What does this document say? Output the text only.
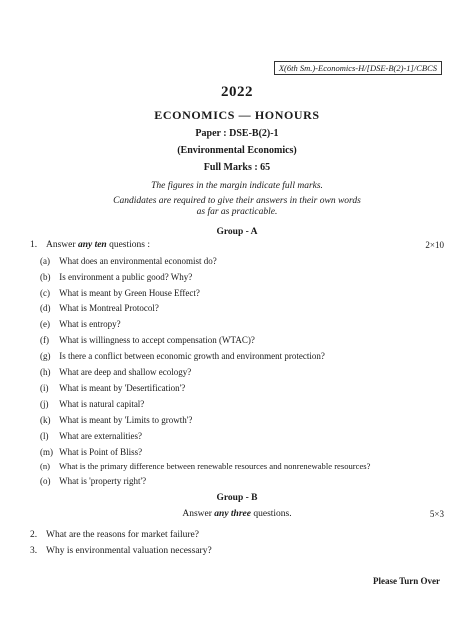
X(6th Sm.)-Economics-H/[DSE-B(2)-1]/CBCS
2022
ECONOMICS — HONOURS
Paper : DSE-B(2)-1
(Environmental Economics)
Full Marks : 65
The figures in the margin indicate full marks.
Candidates are required to give their answers in their own words
as far as practicable.
Group - A
1. Answer any ten questions :	2×10
(a) What does an environmental economist do?
(b) Is environment a public good? Why?
(c) What is meant by Green House Effect?
(d) What is Montreal Protocol?
(e) What is entropy?
(f) What is willingness to accept compensation (WTAC)?
(g) Is there a conflict between economic growth and environment protection?
(h) What are deep and shallow ecology?
(i) What is meant by 'Desertification'?
(j) What is natural capital?
(k) What is meant by 'Limits to growth'?
(l) What are externalities?
(m) What is Point of Bliss?
(n) What is the primary difference between renewable resources and nonrenewable resources?
(o) What is 'property right'?
Group - B
Answer any three questions.	5×3
2. What are the reasons for market failure?
3. Why is environmental valuation necessary?
Please Turn Over
